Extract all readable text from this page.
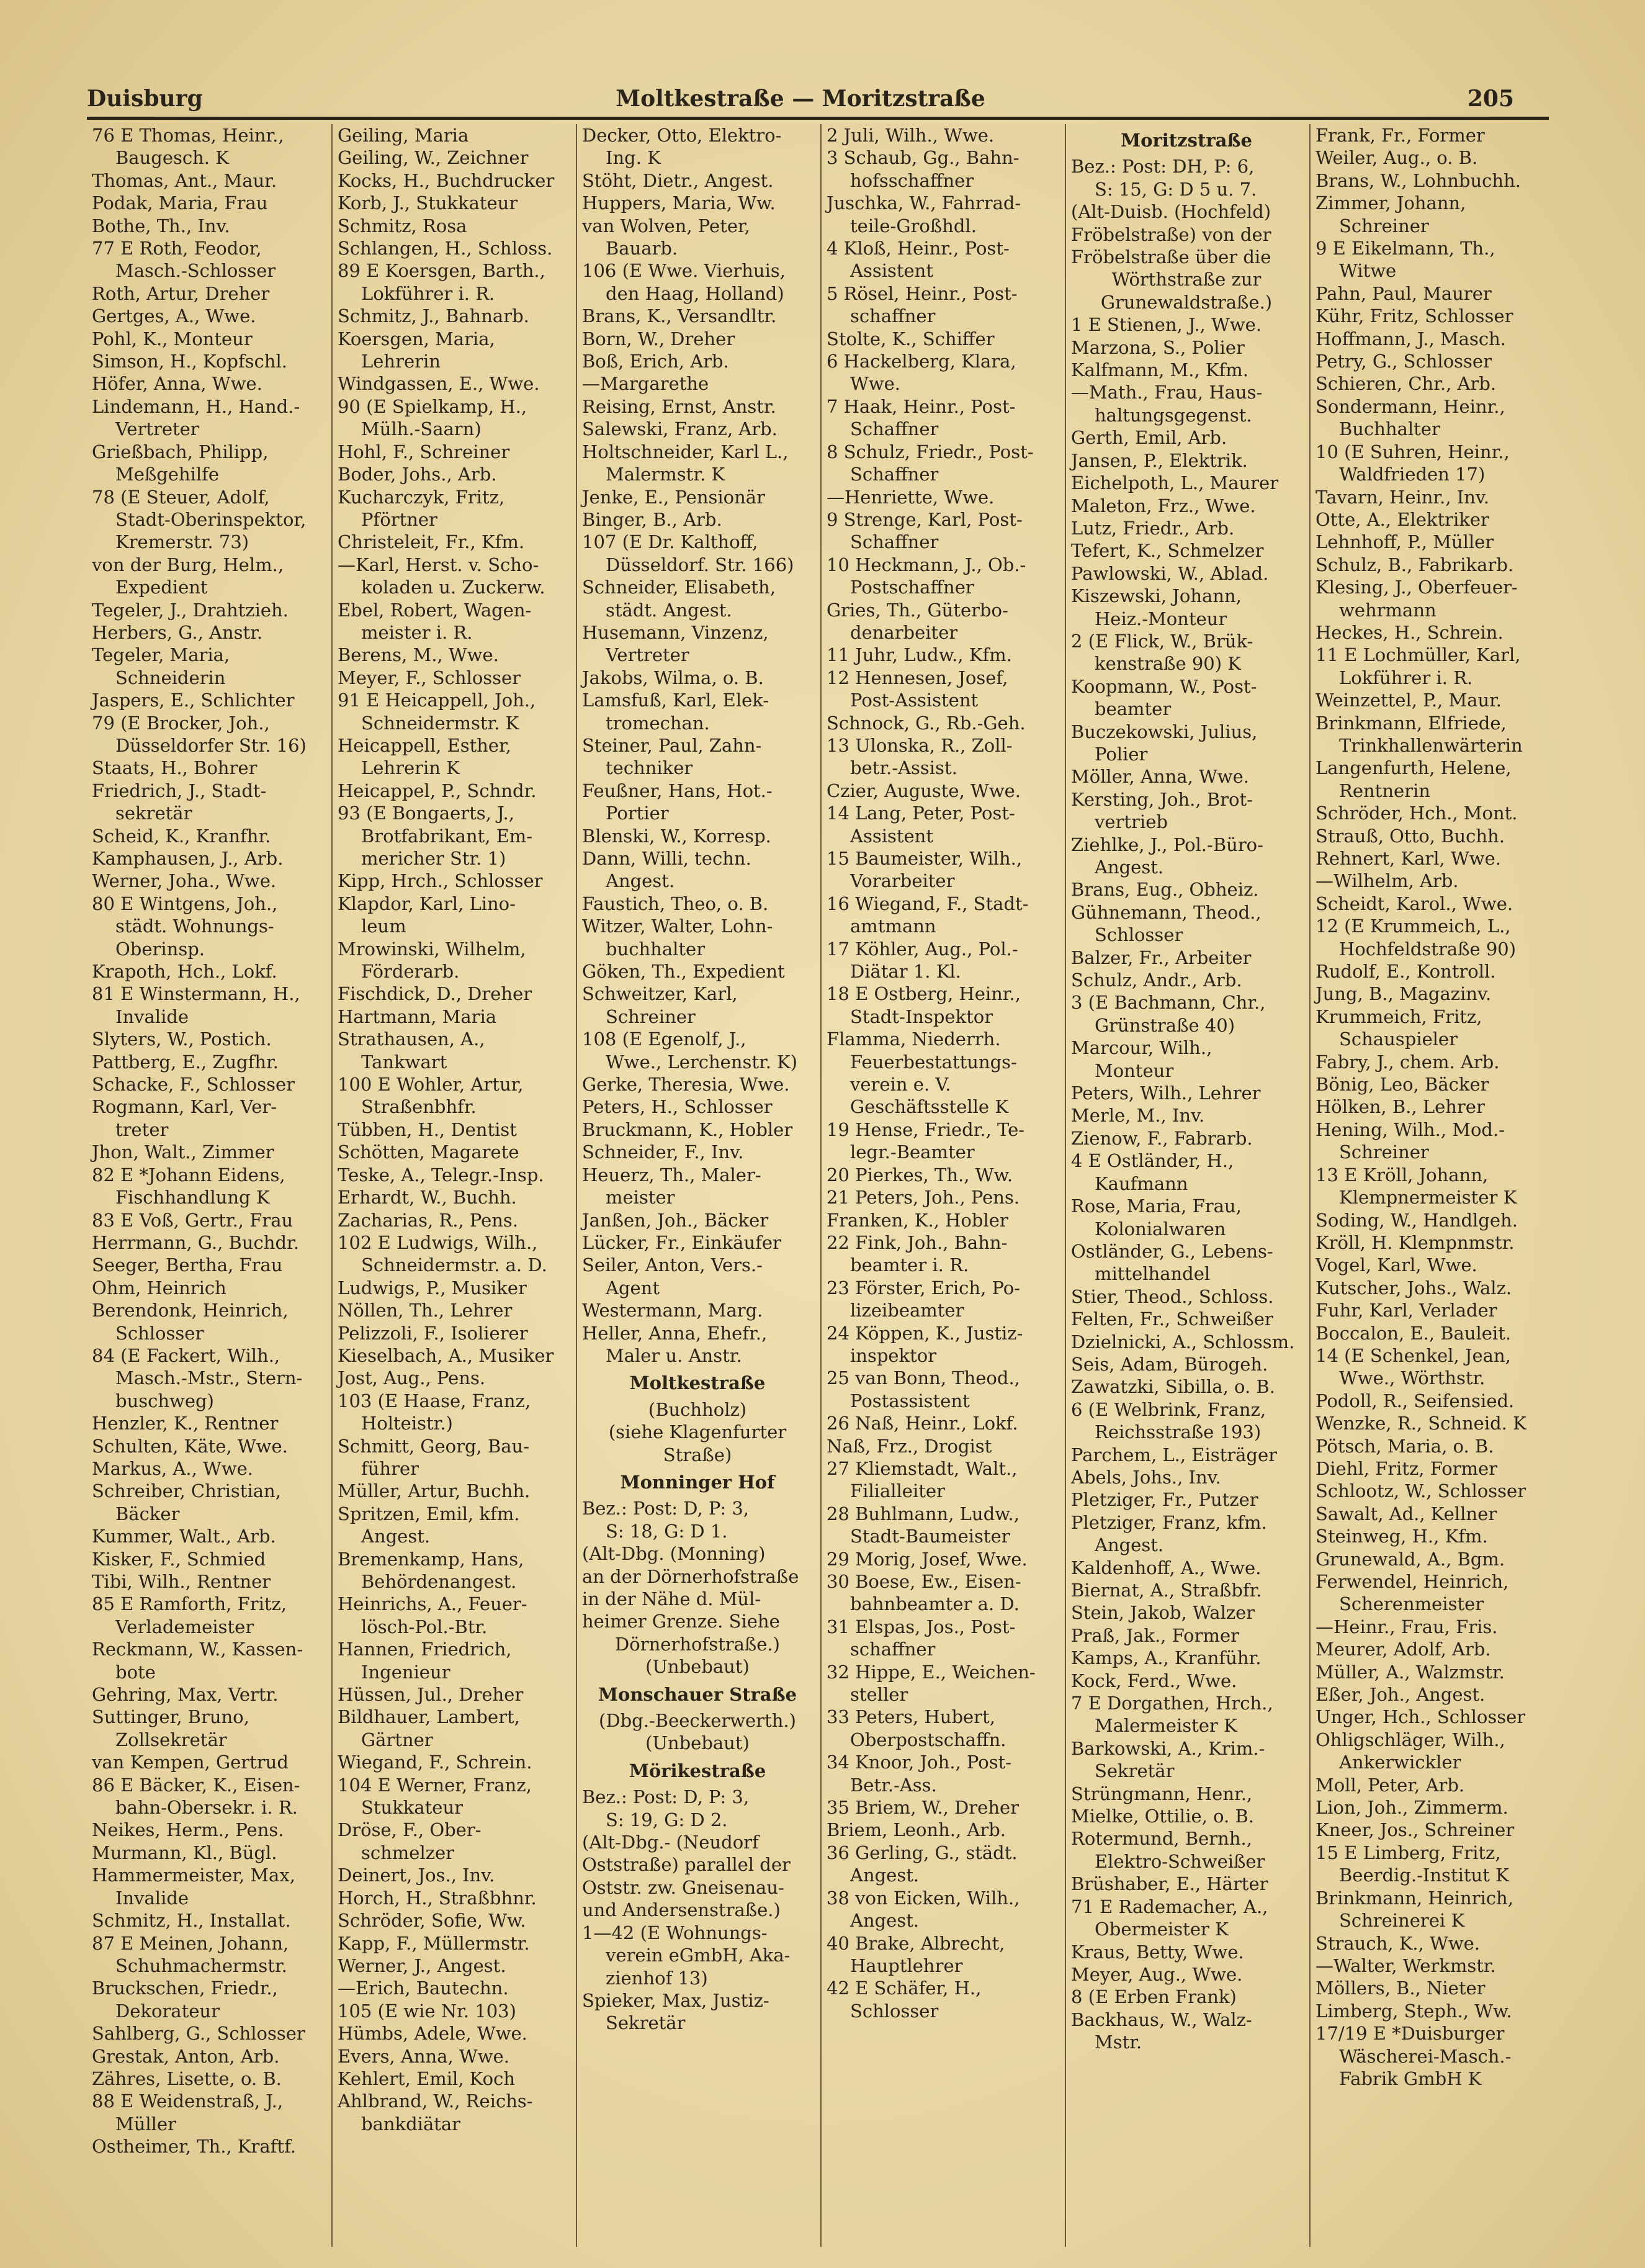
Duisburg	Moltkestraße — Moritzstraße	205
76 E Thomas, Heinr.,
Baugesch. K
Thomas, Ant., Maur.
Podak, Maria, Frau
Bothe, Th., Inv.
77 E Roth, Feodor,
Masch.-Schlosser
Roth, Artur, Dreher
Gertges, A., Wwe.
Pohl, K., Monteur
Simson, H., Kopfschl.
Höfer, Anna, Wwe.
Lindemann, H., Hand.-
Vertreter
Grießbach, Philipp,
Meßgehilfe
78 (E Steuer, Adolf,
Stadt-Oberinspektor,
Kremerstr. 73)
von der Burg, Helm.,
Expedient
Tegeler, J., Drahtzieh.
Herbers, G., Anstr.
Tegeler, Maria,
Schneiderin
Jaspers, E., Schlichter
79 (E Brocker, Joh.,
Düsseldorfer Str. 16)
Staats, H., Bohrer
Friedrich, J., Stadt-
sekretär
Scheid, K., Kranfhr.
Kamphausen, J., Arb.
Werner, Joha., Wwe.
80 E Wintgens, Joh.,
städt. Wohnungs-
Oberinsp.
Krapoth, Hch., Lokf.
81 E Winstermann, H.,
Invalide
Slyters, W., Postich.
Pattberg, E., Zugfhr.
Schacke, F., Schlosser
Rogmann, Karl, Ver-
treter
Jhon, Walt., Zimmer
82 E *Johann Eidens,
Fischhandlung K
83 E Voß, Gertr., Frau
Herrmann, G., Buchdr.
Seeger, Bertha, Frau
Ohm, Heinrich
Berendonk, Heinrich,
Schlosser
84 (E Fackert, Wilh.,
Masch.-Mstr., Stern-
buschweg)
Henzler, K., Rentner
Schulten, Käte, Wwe.
Markus, A., Wwe.
Schreiber, Christian,
Bäcker
Kummer, Walt., Arb.
Kisker, F., Schmied
Tibi, Wilh., Rentner
85 E Ramforth, Fritz,
Verlademeister
Reckmann, W., Kassen-
bote
Gehring, Max, Vertr.
Suttinger, Bruno,
Zollsekretär
van Kempen, Gertrud
86 E Bäcker, K., Eisen-
bahn-Obersekr. i. R.
Neikes, Herm., Pens.
Murmann, Kl., Bügl.
Hammermeister, Max,
Invalide
Schmitz, H., Installat.
87 E Meinen, Johann,
Schuhmachermstr.
Bruckschen, Friedr.,
Dekorateur
Sahlberg, G., Schlosser
Grestak, Anton, Arb.
Zähres, Lisette, o. B.
88 E Weidenstraß, J.,
Müller
Ostheimer, Th., Kraftf.
Geiling, Maria
Geiling, W., Zeichner
Kocks, H., Buchdrucker
Korb, J., Stukkateur
Schmitz, Rosa
Schlangen, H., Schloss.
89 E Koersgen, Barth.,
Lokführer i. R.
Schmitz, J., Bahnarb.
Koersgen, Maria,
Lehrerin
Windgassen, E., Wwe.
90 (E Spielkamp, H.,
Mülh.-Saarn)
Hohl, F., Schreiner
Boder, Johs., Arb.
Kucharczyk, Fritz,
Pförtner
Christeleit, Fr., Kfm.
—Karl, Herst. v. Scho-
koladen u. Zuckerw.
Ebel, Robert, Wagen-
meister i. R.
Berens, M., Wwe.
Meyer, F., Schlosser
91 E Heicappell, Joh.,
Schneidermstr. K
Heicappell, Esther,
Lehrerin K
Heicappel, P., Schndr.
93 (E Bongaerts, J.,
Brotfabrikant, Em-
mericher Str. 1)
Kipp, Hrch., Schlosser
Klapdor, Karl, Lino-
leum
Mrowinski, Wilhelm,
Förderarb.
Fischdick, D., Dreher
Hartmann, Maria
Strathausen, A.,
Tankwart
100 E Wohler, Artur,
Straßenbhfr.
Tübben, H., Dentist
Schötten, Magarete
Teske, A., Telegr.-Insp.
Erhardt, W., Buchh.
Zacharias, R., Pens.
102 E Ludwigs, Wilh.,
Schneidermstr. a. D.
Ludwigs, P., Musiker
Nöllen, Th., Lehrer
Pelizzoli, F., Isolierer
Kieselbach, A., Musiker
Jost, Aug., Pens.
103 (E Haase, Franz,
Holteistr.)
Schmitt, Georg, Bau-
führer
Müller, Artur, Buchh.
Spritzen, Emil, kfm.
Angest.
Bremenkamp, Hans,
Behördenangest.
Heinrichs, A., Feuer-
lösch-Pol.-Btr.
Hannen, Friedrich,
Ingenieur
Hüssen, Jul., Dreher
Bildhauer, Lambert,
Gärtner
Wiegand, F., Schrein.
104 E Werner, Franz,
Stukkateur
Dröse, F., Ober-
schmelzer
Deinert, Jos., Inv.
Horch, H., Straßbhnr.
Schröder, Sofie, Ww.
Kapp, F., Müllermstr.
Werner, J., Angest.
—Erich, Bautechn.
105 (E wie Nr. 103)
Hümbs, Adele, Wwe.
Evers, Anna, Wwe.
Kehlert, Emil, Koch
Ahlbrand, W., Reichs-
bankdiätar
Decker, Otto, Elektro-
Ing. K
Stöht, Dietr., Angest.
Huppers, Maria, Ww.
van Wolven, Peter,
Bauarb.
106 (E Wwe. Vierhuis,
den Haag, Holland)
Brans, K., Versandltr.
Born, W., Dreher
Boß, Erich, Arb.
—Margarethe
Reising, Ernst, Anstr.
Salewski, Franz, Arb.
Holtschneider, Karl L.,
Malermstr. K
Jenke, E., Pensionär
Binger, B., Arb.
107 (E Dr. Kalthoff,
Düsseldorf. Str. 166)
Schneider, Elisabeth,
städt. Angest.
Husemann, Vinzenz,
Vertreter
Jakobs, Wilma, o. B.
Lamsfuß, Karl, Elek-
tromechan.
Steiner, Paul, Zahn-
techniker
Feußner, Hans, Hot.-
Portier
Blenski, W., Korresp.
Dann, Willi, techn.
Angest.
Faustich, Theo, o. B.
Witzer, Walter, Lohn-
buchhalter
Göken, Th., Expedient
Schweitzer, Karl,
Schreiner
108 (E Egenolf, J.,
Wwe., Lerchenstr. K)
Gerke, Theresia, Wwe.
Peters, H., Schlosser
Bruckmann, K., Hobler
Schneider, F., Inv.
Heuerz, Th., Maler-
meister
Janßen, Joh., Bäcker
Lücker, Fr., Einkäufer
Seiler, Anton, Vers.-
Agent
Westermann, Marg.
Heller, Anna, Ehefr.,
Maler u. Anstr.
Moltkestraße
(Buchholz)
(siehe Klagenfurter
Straße)
Monninger Hof
Bez.: Post: D, P: 3,
S: 18, G: D 1.
(Alt-Dbg. (Monning)
an der Dörnerhofstraße
in der Nähe d. Mül-
heimer Grenze. Siehe
Dörnerhofstraße.)
(Unbebaut)
Monschauer Straße
(Dbg.-Beeckerwerth.)
(Unbebaut)
Mörikestraße
Bez.: Post: D, P: 3,
S: 19, G: D 2.
(Alt-Dbg.- (Neudorf
Oststraße) parallel der
Oststr. zw. Gneisenau-
und Andersenstraße.)
1—42 (E Wohnungs-
verein eGmbH, Aka-
zienhof 13)
Spieker, Max, Justiz-
Sekretär
2 Juli, Wilh., Wwe.
3 Schaub, Gg., Bahn-
hofsschaffner
Juschka, W., Fahrrad-
teile-Großhdl.
4 Kloß, Heinr., Post-
Assistent
5 Rösel, Heinr., Post-
schaffner
Stolte, K., Schiffer
6 Hackelberg, Klara,
Wwe.
7 Haak, Heinr., Post-
Schaffner
8 Schulz, Friedr., Post-
Schaffner
—Henriette, Wwe.
9 Strenge, Karl, Post-
Schaffner
10 Heckmann, J., Ob.-
Postschaffner
Gries, Th., Güterbo-
denarbeiter
11 Juhr, Ludw., Kfm.
12 Hennesen, Josef,
Post-Assistent
Schnock, G., Rb.-Geh.
13 Ulonska, R., Zoll-
betr.-Assist.
Czier, Auguste, Wwe.
14 Lang, Peter, Post-
Assistent
15 Baumeister, Wilh.,
Vorarbeiter
16 Wiegand, F., Stadt-
amtmann
17 Köhler, Aug., Pol.-
Diätar 1. Kl.
18 E Ostberg, Heinr.,
Stadt-Inspektor
Flamma, Niederrh.
Feuerbestattungs-
verein e. V.
Geschäftsstelle K
19 Hense, Friedr., Te-
legr.-Beamter
20 Pierkes, Th., Ww.
21 Peters, Joh., Pens.
Franken, K., Hobler
22 Fink, Joh., Bahn-
beamter i. R.
23 Förster, Erich, Po-
lizeibeamter
24 Köppen, K., Justiz-
inspektor
25 van Bonn, Theod.,
Postassistent
26 Naß, Heinr., Lokf.
Naß, Frz., Drogist
27 Kliemstadt, Walt.,
Filialleiter
28 Buhlmann, Ludw.,
Stadt-Baumeister
29 Morig, Josef, Wwe.
30 Boese, Ew., Eisen-
bahnbeamter a. D.
31 Elspas, Jos., Post-
schaffner
32 Hippe, E., Weichen-
steller
33 Peters, Hubert,
Oberpostschaffn.
34 Knoor, Joh., Post-
Betr.-Ass.
35 Briem, W., Dreher
Briem, Leonh., Arb.
36 Gerling, G., städt.
Angest.
38 von Eicken, Wilh.,
Angest.
40 Brake, Albrecht,
Hauptlehrer
42 E Schäfer, H.,
Schlosser
Moritzstraße
Bez.: Post: DH, P: 6,
S: 15, G: D 5 u. 7.
(Alt-Duisb. (Hochfeld)
Fröbelstraße) von der
Fröbelstraße über die
Wörthstraße zur
Grunewaldstraße.)
1 E Stienen, J., Wwe.
Marzona, S., Polier
Kalfmann, M., Kfm.
—Math., Frau, Haus-
haltungsgegenst.
Gerth, Emil, Arb.
Jansen, P., Elektrik.
Eichelpoth, L., Maurer
Maleton, Frz., Wwe.
Lutz, Friedr., Arb.
Tefert, K., Schmelzer
Pawlowski, W., Ablad.
Kiszewski, Johann,
Heiz.-Monteur
2 (E Flick, W., Brük-
kenstraße 90) K
Koopmann, W., Post-
beamter
Buczekowski, Julius,
Polier
Möller, Anna, Wwe.
Kersting, Joh., Brot-
vertrieb
Ziehlke, J., Pol.-Büro-
Angest.
Brans, Eug., Obheiz.
Gühnemann, Theod.,
Schlosser
Balzer, Fr., Arbeiter
Schulz, Andr., Arb.
3 (E Bachmann, Chr.,
Grünstraße 40)
Marcour, Wilh.,
Monteur
Peters, Wilh., Lehrer
Merle, M., Inv.
Zienow, F., Fabrarb.
4 E Ostländer, H.,
Kaufmann
Rose, Maria, Frau,
Kolonialwaren
Ostländer, G., Lebens-
mittelhandel
Stier, Theod., Schloss.
Felten, Fr., Schweißer
Dzielnicki, A., Schlossm.
Seis, Adam, Bürogeh.
Zawatzki, Sibilla, o. B.
6 (E Welbrink, Franz,
Reichsstraße 193)
Parchem, L., Eisträger
Abels, Johs., Inv.
Pletziger, Fr., Putzer
Pletziger, Franz, kfm.
Angest.
Kaldenhoff, A., Wwe.
Biernat, A., Straßbfr.
Stein, Jakob, Walzer
Praß, Jak., Former
Kamps, A., Kranführ.
Kock, Ferd., Wwe.
7 E Dorgathen, Hrch.,
Malermeister K
Barkowski, A., Krim.-
Sekretär
Strüngmann, Henr.,
Mielke, Ottilie, o. B.
Rotermund, Bernh.,
Elektro-Schweißer
Brüshaber, E., Härter
71 E Rademacher, A.,
Obermeister K
Kraus, Betty, Wwe.
Meyer, Aug., Wwe.
8 (E Erben Frank)
Backhaus, W., Walz-
Mstr.
Frank, Fr., Former
Weiler, Aug., o. B.
Brans, W., Lohnbuchh.
Zimmer, Johann,
Schreiner
9 E Eikelmann, Th.,
Witwe
Pahn, Paul, Maurer
Kühr, Fritz, Schlosser
Hoffmann, J., Masch.
Petry, G., Schlosser
Schieren, Chr., Arb.
Sondermann, Heinr.,
Buchhalter
10 (E Suhren, Heinr.,
Waldfrieden 17)
Tavarn, Heinr., Inv.
Otte, A., Elektriker
Lehnhoff, P., Müller
Schulz, B., Fabrikarb.
Klesing, J., Oberfeuer-
wehrmann
Heckes, H., Schrein.
11 E Lochmüller, Karl,
Lokführer i. R.
Weinzettel, P., Maur.
Brinkmann, Elfriede,
Trinkhallenwärterin
Langenfurth, Helene,
Rentnerin
Schröder, Hch., Mont.
Strauß, Otto, Buchh.
Rehnert, Karl, Wwe.
—Wilhelm, Arb.
Scheidt, Karol., Wwe.
12 (E Krummeich, L.,
Hochfeldstraße 90)
Rudolf, E., Kontroll.
Jung, B., Magazinv.
Krummeich, Fritz,
Schauspieler
Fabry, J., chem. Arb.
Bönig, Leo, Bäcker
Hölken, B., Lehrer
Hening, Wilh., Mod.-
Schreiner
13 E Kröll, Johann,
Klempnermeister K
Soding, W., Handlgeh.
Kröll, H. Klempnmstr.
Vogel, Karl, Wwe.
Kutscher, Johs., Walz.
Fuhr, Karl, Verlader
Boccalon, E., Bauleit.
14 (E Schenkel, Jean,
Wwe., Wörthstr.
Podoll, R., Seifensied.
Wenzke, R., Schneid. K
Pötsch, Maria, o. B.
Diehl, Fritz, Former
Schlootz, W., Schlosser
Sawalt, Ad., Kellner
Steinweg, H., Kfm.
Grunewald, A., Bgm.
Ferwendel, Heinrich,
Scherenmeister
—Heinr., Frau, Fris.
Meurer, Adolf, Arb.
Müller, A., Walzmstr.
Eßer, Joh., Angest.
Unger, Hch., Schlosser
Ohligschläger, Wilh.,
Ankerwickler
Moll, Peter, Arb.
Lion, Joh., Zimmerm.
Kneer, Jos., Schreiner
15 E Limberg, Fritz,
Beerdig.-Institut K
Brinkmann, Heinrich,
Schreinerei K
Strauch, K., Wwe.
—Walter, Werkmstr.
Möllers, B., Nieter
Limberg, Steph., Ww.
17/19 E *Duisburger
Wäscherei-Masch.-
Fabrik GmbH K
